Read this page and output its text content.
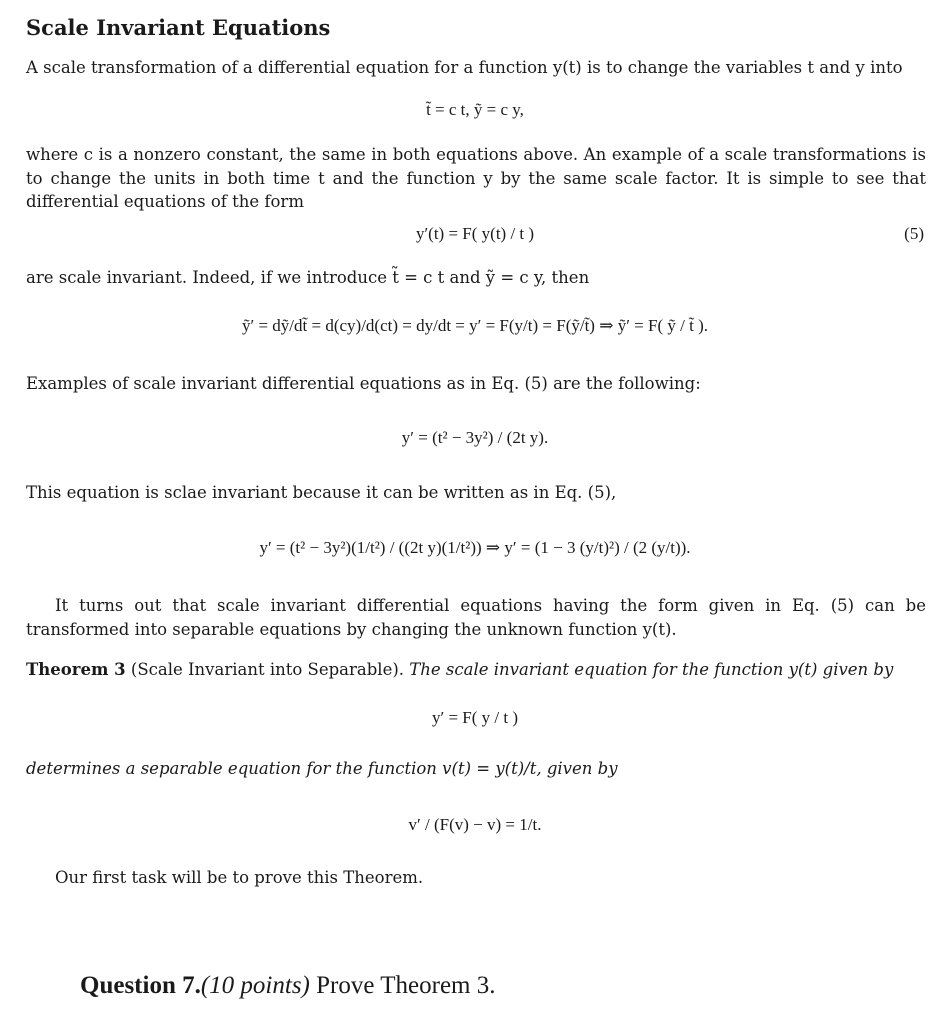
Scale Invariant Equations
A scale transformation of a differential equation for a function y(t) is to change the variables t and y into
t̃ = c t, ỹ = c y,
where c is a nonzero constant, the same in both equations above. An example of a scale transformations is to change the units in both time t and the function y by the same scale factor. It is simple to see that differential equations of the form
y′(t) = F( y(t) / t )	(5)
are scale invariant. Indeed, if we introduce t̃ = c t and ỹ = c y, then
ỹ′ = dỹ/dt̃ = d(cy)/d(ct) = dy/dt = y′ = F(y/t) = F(ỹ/t̃) ⇒ ỹ′ = F( ỹ / t̃ ).
Examples of scale invariant differential equations as in Eq. (5) are the following:
y′ = (t² − 3y²) / (2t y).
This equation is sclae invariant because it can be written as in Eq. (5),
y′ = (t² − 3y²)(1/t²) / ((2t y)(1/t²)) ⇒ y′ = (1 − 3 (y/t)²) / (2 (y/t)).
It turns out that scale invariant differential equations having the form given in Eq. (5) can be transformed into separable equations by changing the unknown function y(t).
Theorem 3 (Scale Invariant into Separable). The scale invariant equation for the function y(t) given by
y′ = F( y / t )
determines a separable equation for the function v(t) = y(t)/t, given by
v′ / (F(v) − v) = 1/t.
Our first task will be to prove this Theorem.
Question 7.(10 points) Prove Theorem 3.
